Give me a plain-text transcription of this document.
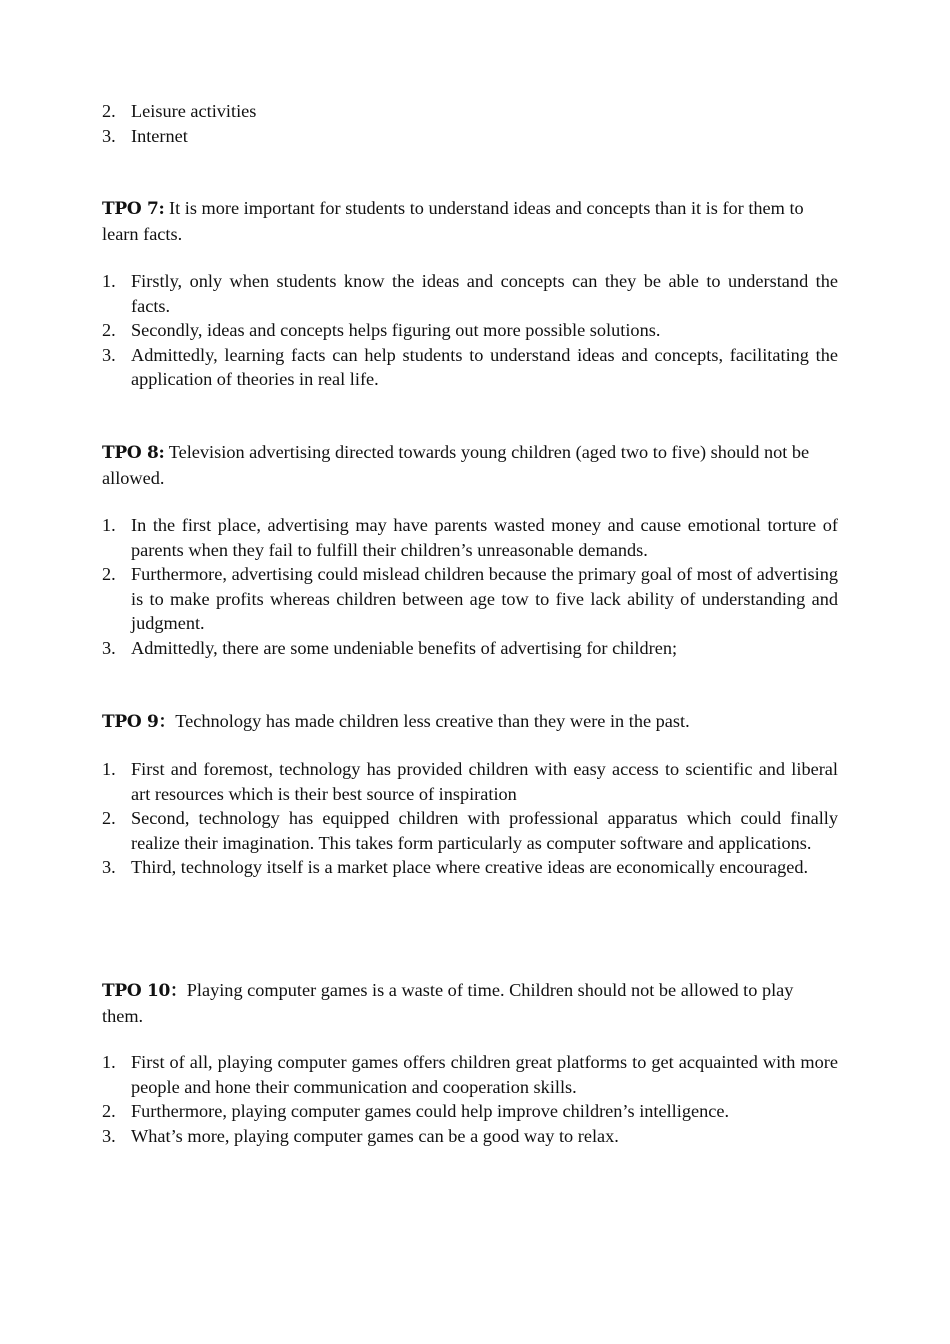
2. Leisure activities
3. Internet

TPO 7: It is more important for students to understand ideas and concepts than it is for them to learn facts.

1. Firstly, only when students know the ideas and concepts can they be able to understand the facts.
2. Secondly, ideas and concepts helps figuring out more possible solutions.
3. Admittedly, learning facts can help students to understand ideas and concepts, facilitating the application of theories in real life.

TPO 8: Television advertising directed towards young children (aged two to five) should not be allowed.

1. In the first place, advertising may have parents wasted money and cause emotional torture of parents when they fail to fulfill their children’s unreasonable demands.
2. Furthermore, advertising could mislead children because the primary goal of most of advertising is to make profits whereas children between age tow to five lack ability of understanding and judgment.
3. Admittedly, there are some undeniable benefits of advertising for children;

TPO 9：Technology has made children less creative than they were in the past.

1. First and foremost, technology has provided children with easy access to scientific and liberal art resources which is their best source of inspiration
2. Second, technology has equipped children with professional apparatus which could finally realize their imagination. This takes form particularly as computer software and applications.
3. Third, technology itself is a market place where creative ideas are economically encouraged.

TPO 10：Playing computer games is a waste of time. Children should not be allowed to play them.

1. First of all, playing computer games offers children great platforms to get acquainted with more people and hone their communication and cooperation skills.
2. Furthermore, playing computer games could help improve children’s intelligence.
3. What’s more, playing computer games can be a good way to relax.
